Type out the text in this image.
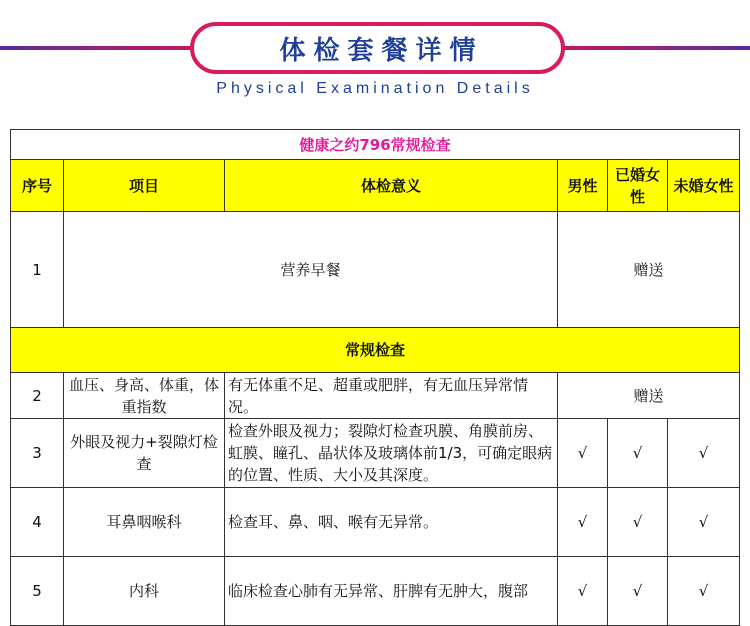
体检套餐详情
Physical Examination Details
健康之约796常规检查					
序号	项目	体检意义	男性	已婚女性	未婚女性
1	营养早餐		赠送		
常规检查					
2	血压、身高、体重，体重指数	有无体重不足、超重或肥胖，有无血压异常情况。	赠送		
3	外眼及视力+裂隙灯检查	检查外眼及视力；裂隙灯检查巩膜、角膜前房、虹膜、瞳孔、晶状体及玻璃体前1/3，可确定眼病的位置、性质、大小及其深度。	√	√	√
4	耳鼻咽喉科	检查耳、鼻、咽、喉有无异常。	√	√	√
5	内科	临床检查心肺有无异常、肝脾有无肿大，腹部	√	√	√
